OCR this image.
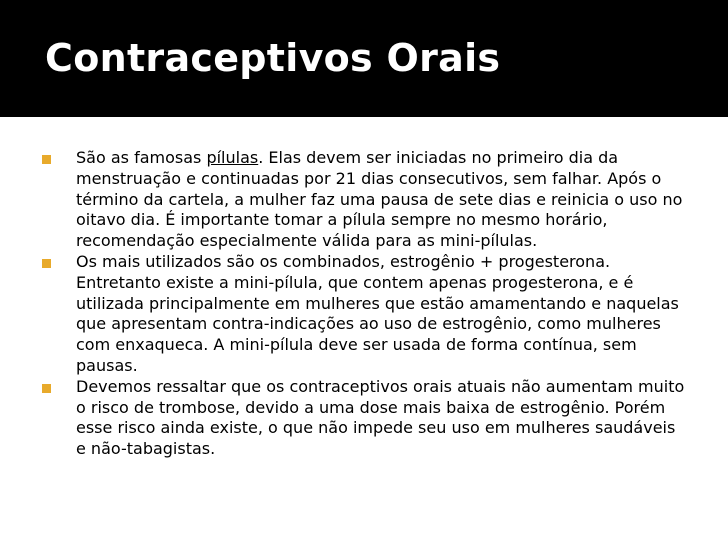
Contraceptivos Orais
São as famosas pílulas. Elas devem ser iniciadas no primeiro dia da menstruação e continuadas por 21 dias consecutivos, sem falhar. Após o término da cartela, a mulher faz uma pausa de sete dias e reinicia o uso no oitavo dia. É importante tomar a pílula sempre no mesmo horário, recomendação especialmente válida para as mini-pílulas.
Os mais utilizados são os combinados, estrogênio + progesterona. Entretanto existe a mini-pílula, que contem apenas progesterona, e é utilizada principalmente em mulheres que estão amamentando e naquelas que apresentam contra-indicações ao uso de estrogênio, como mulheres com enxaqueca. A mini-pílula deve ser usada de forma contínua, sem pausas.
Devemos ressaltar que os contraceptivos orais atuais não aumentam muito o risco de trombose, devido a uma dose mais baixa de estrogênio. Porém esse risco ainda existe, o que não impede seu uso em mulheres saudáveis e não-tabagistas.
